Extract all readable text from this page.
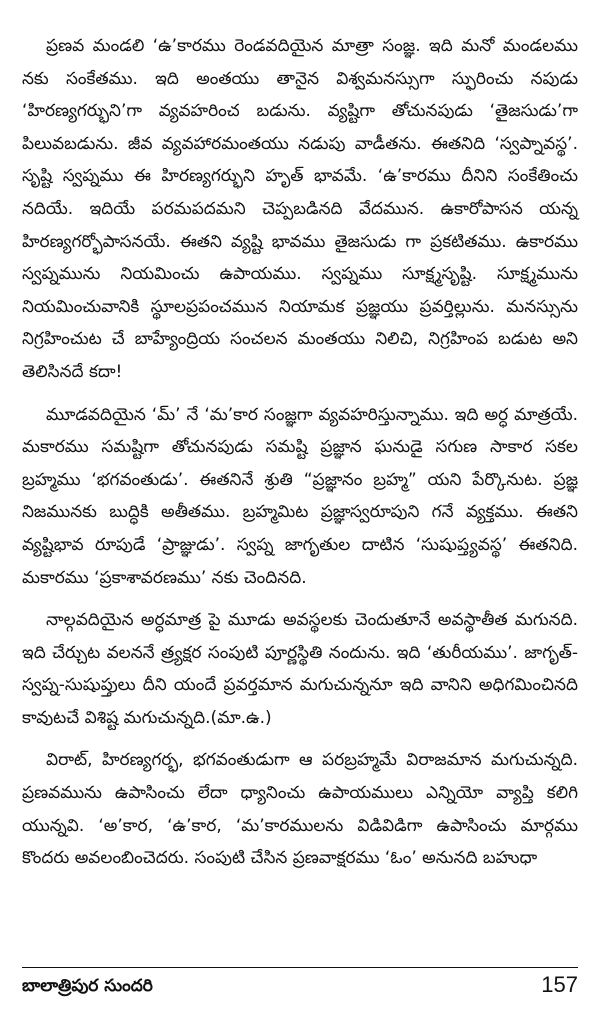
ప్రణవ మండలి ‘ఉ’కారము రెండవదియైన మాత్రా సంజ్ఞ. ఇది మనో మండలము నకు సంకేతము. ఇది అంతయు తానైన విశ్వమనస్సుగా స్ఫురించు నపుడు ‘హిరణ్యగర్భుని’గా వ్యవహరించ బడును. వ్యష్టిగా తోచునపుడు ‘తైజసుడు’గా పిలువబడును. జీవ వ్యవహారమంతయు నడుపు వాడీతను. ఈతనిది ‘స్వప్నావస్థ’. సృష్టి స్వప్నము ఈ హిరణ్యగర్భుని హృత్ భావమే. ‘ఉ’కారము దీనిని సంకేతించు నదియే. ఇదియే పరమపదమని చెప్పబడినది వేదమున. ఉకారోపాసన యన్న హిరణ్యగర్భోపాసనయే. ఈతని వ్యష్టి భావము తైజసుడు గా ప్రకటితము. ఉకారము స్వప్నమును నియమించు ఉపాయము. స్వప్నము సూక్ష్మసృష్టి. సూక్ష్మమును నియమించువానికి స్థూలప్రపంచమున నియామక ప్రజ్ఞయు ప్రవర్తిల్లును. మనస్సును నిగ్రహించుట చే బాహ్యేంద్రియ సంచలన మంతయు నిలిచి, నిగ్రహింప బడుట అని తెలిసినదే కదా!

మూడవదియైన ‘మ్’ నే ‘మ’కార సంజ్ఞగా వ్యవహరిస్తున్నాము. ఇది అర్ధ మాత్రయే. మకారము సమష్టిగా తోచునపుడు సమష్టి ప్రజ్ఞాన ఘనుడై సగుణ సాకార సకల బ్రహ్మము ‘భగవంతుడు’. ఈతనినే శ్రుతి “ప్రజ్ఞానం బ్రహ్మ” యని పేర్కొనుట. ప్రజ్ఞ నిజమునకు బుద్ధికి అతీతము. బ్రహ్మమిట ప్రజ్ఞాస్వరూపుని గనే వ్యక్తము. ఈతని వ్యష్టిభావ రూపుడే ‘ప్రాజ్ఞుడు’. స్వప్న జాగృతుల దాటిన ‘సుషుప్త్యవస్థ’ ఈతనిది. మకారము ‘ప్రకాశావరణము’ నకు చెందినది.

నాల్గవదియైన అర్ధమాత్ర పై మూడు అవస్థలకు చెందుతూనే అవస్థాతీత మగునది. ఇది చేర్చుట వలననే త్ర్యక్షర సంపుటి పూర్ణస్థితి నందును. ఇది ‘తురీయము’. జాగృత్-స్వప్న-సుషుప్తులు దీని యందే ప్రవర్తమాన మగుచున్ననూ ఇది వానిని అధిగమించినది కావుటచే విశిష్ట మగుచున్నది.(మా.ఉ.)

విరాట్, హిరణ్యగర్భ, భగవంతుడుగా ఆ పరబ్రహ్మమే విరాజమాన మగుచున్నది. ప్రణవమును ఉపాసించు లేదా ధ్యానించు ఉపాయములు ఎన్నియో వ్యాప్తి కలిగి యున్నవి. ‘అ’కార, ‘ఉ’కార, ‘మ’కారములను విడివిడిగా ఉపాసించు మార్గము కొందరు అవలంబించెదరు. సంపుటి చేసిన ప్రణవాక్షరము ‘ఓం’ అనునది బహుధా

బాలాత్రిపుర సుందరి	157
